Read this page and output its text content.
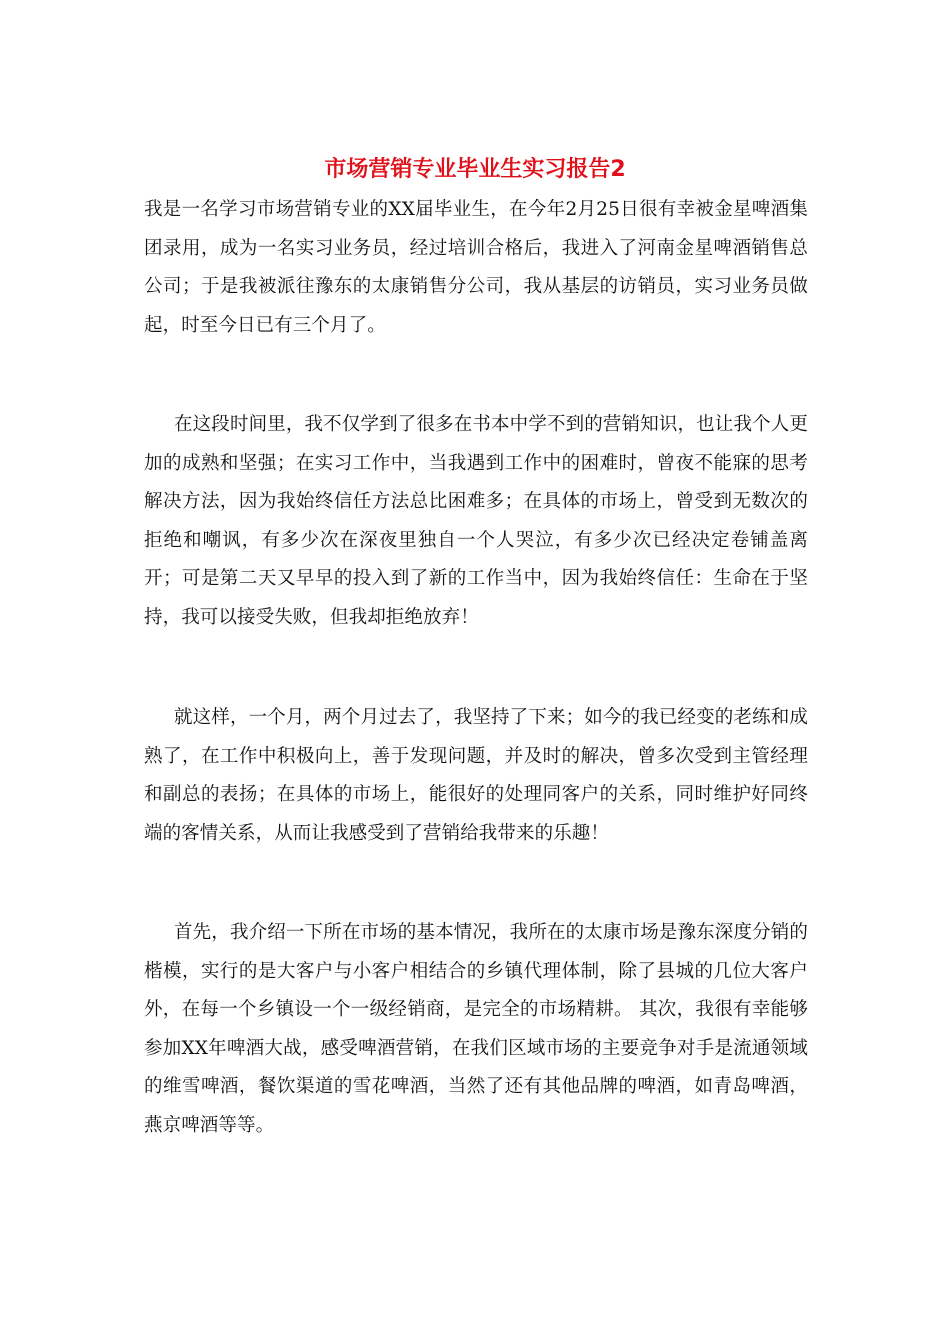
市场营销专业毕业生实习报告2

我是一名学习市场营销专业的XX届毕业生，在今年2月25日很有幸被金星啤酒集团录用，成为一名实习业务员，经过培训合格后，我进入了河南金星啤酒销售总公司；于是我被派往豫东的太康销售分公司，我从基层的访销员，实习业务员做起，时至今日已有三个月了。

在这段时间里，我不仅学到了很多在书本中学不到的营销知识，也让我个人更加的成熟和坚强；在实习工作中，当我遇到工作中的困难时，曾夜不能寐的思考解决方法，因为我始终信任方法总比困难多；在具体的市场上，曾受到无数次的拒绝和嘲讽，有多少次在深夜里独自一个人哭泣，有多少次已经决定卷铺盖离开；可是第二天又早早的投入到了新的工作当中，因为我始终信任：生命在于坚持，我可以接受失败，但我却拒绝放弃！

就这样，一个月，两个月过去了，我坚持了下来；如今的我已经变的老练和成熟了，在工作中积极向上，善于发现问题，并及时的解决，曾多次受到主管经理和副总的表扬；在具体的市场上，能很好的处理同客户的关系，同时维护好同终端的客情关系，从而让我感受到了营销给我带来的乐趣！

首先，我介绍一下所在市场的基本情况，我所在的太康市场是豫东深度分销的楷模，实行的是大客户与小客户相结合的乡镇代理体制，除了县城的几位大客户外，在每一个乡镇设一个一级经销商，是完全的市场精耕。 其次，我很有幸能够参加XX年啤酒大战，感受啤酒营销，在我们区域市场的主要竞争对手是流通领域的维雪啤酒，餐饮渠道的雪花啤酒，当然了还有其他品牌的啤酒，如青岛啤酒，燕京啤酒等等。
